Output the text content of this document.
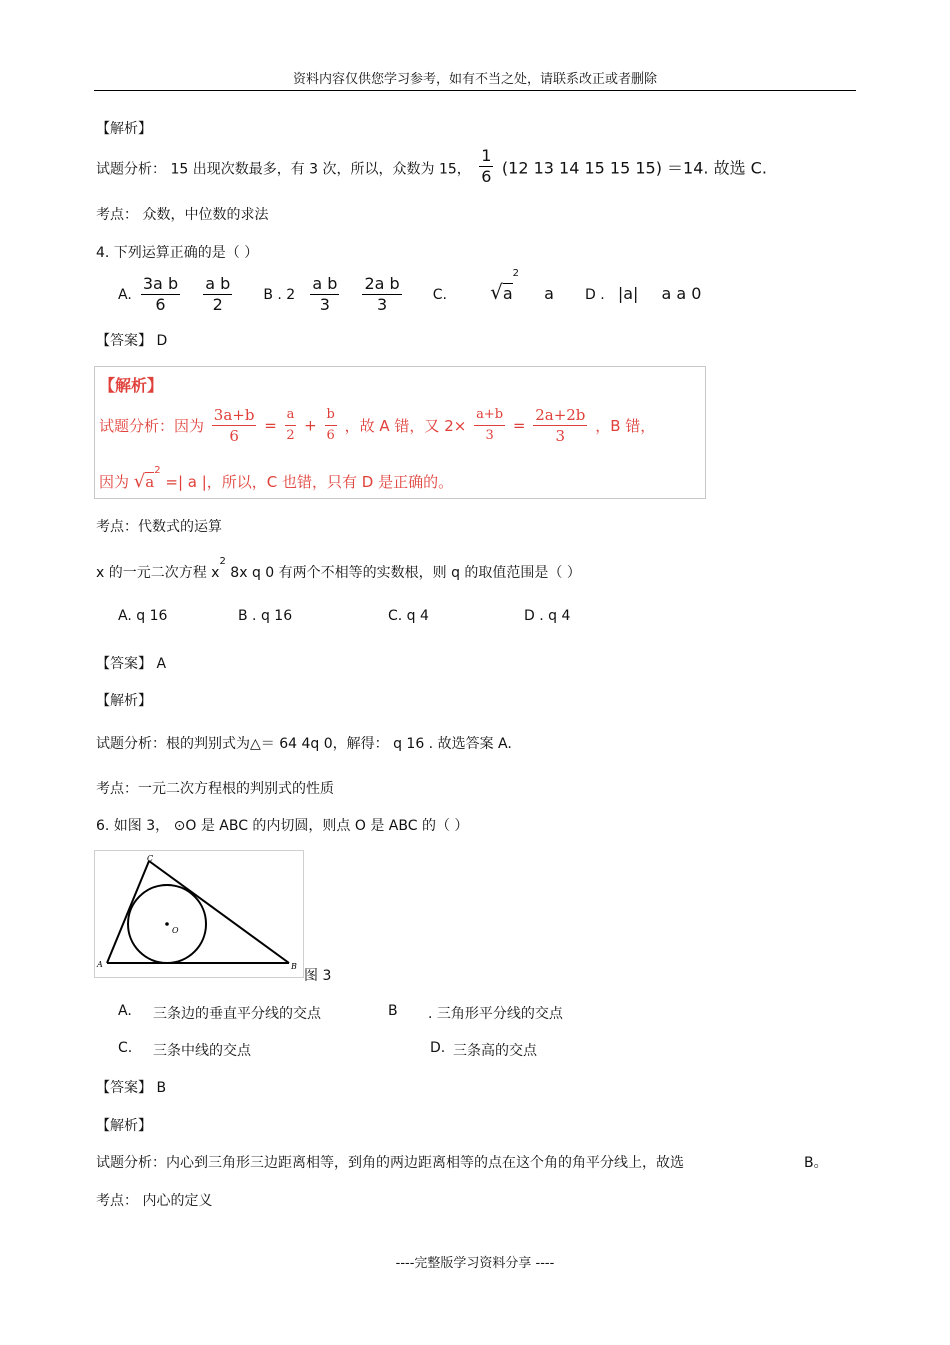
资料内容仅供您学习参考，如有不当之处，请联系改正或者删除
【解析】
试题分析： 15 出现次数最多，有 3 次，所以，众数为 15， $\frac{1}{6} (12$ 13 14 15 15 15) ＝14. 故选 C.
考点： 众数，中位数的求法
4. 下列运算正确的是（ ）
A. $\frac{\text{3a b}}{6}$
$\frac{\text{a b}}{2}$ B . $2 \frac{\text{a b}}{3}$
$\frac{\text{2a b}}{3} C$. $√a^2$ a D . |a| a a 0
【答案】 D
【解析】
试题分析：因为 $\frac{3a+b}{6} = \frac{a}{2} + \frac{b}{6}$ ，故 A 错，又 $2\times \frac{a+b}{3} = \frac{2a+2b}{3}$ ，B 错，
因为 $√a^2$ =| a |，所以，C 也错，只有 D 是正确的。
考点：代数式的运算
x 的一元二次方程 $x^2$ 8x q 0 有两个不相等的实数根，则 q 的取值范围是（ ）
A. q 16	B . q 16	C. q 4	D . q 4
【答案】 A
【解析】
试题分析：根的判别式为△＝ 64 4q 0，解得： q 16 . 故选答案 A.
考点：一元二次方程根的判别式的性质
6. 如图 3， ⊙O 是 ABC 的内切圆，则点 O 是 ABC 的（ ）
C
A	B
O
图 3
A. 三条边的垂直平分线的交点	B . 三角形平分线的交点
C. 三条中线的交点	D. 三条高的交点
【答案】 B
【解析】
试题分析：内心到三角形三边距离相等，到角的两边距离相等的点在这个角的角平分线上，故选	B。
考点： 内心的定义
----完整版学习资料分享 ----
